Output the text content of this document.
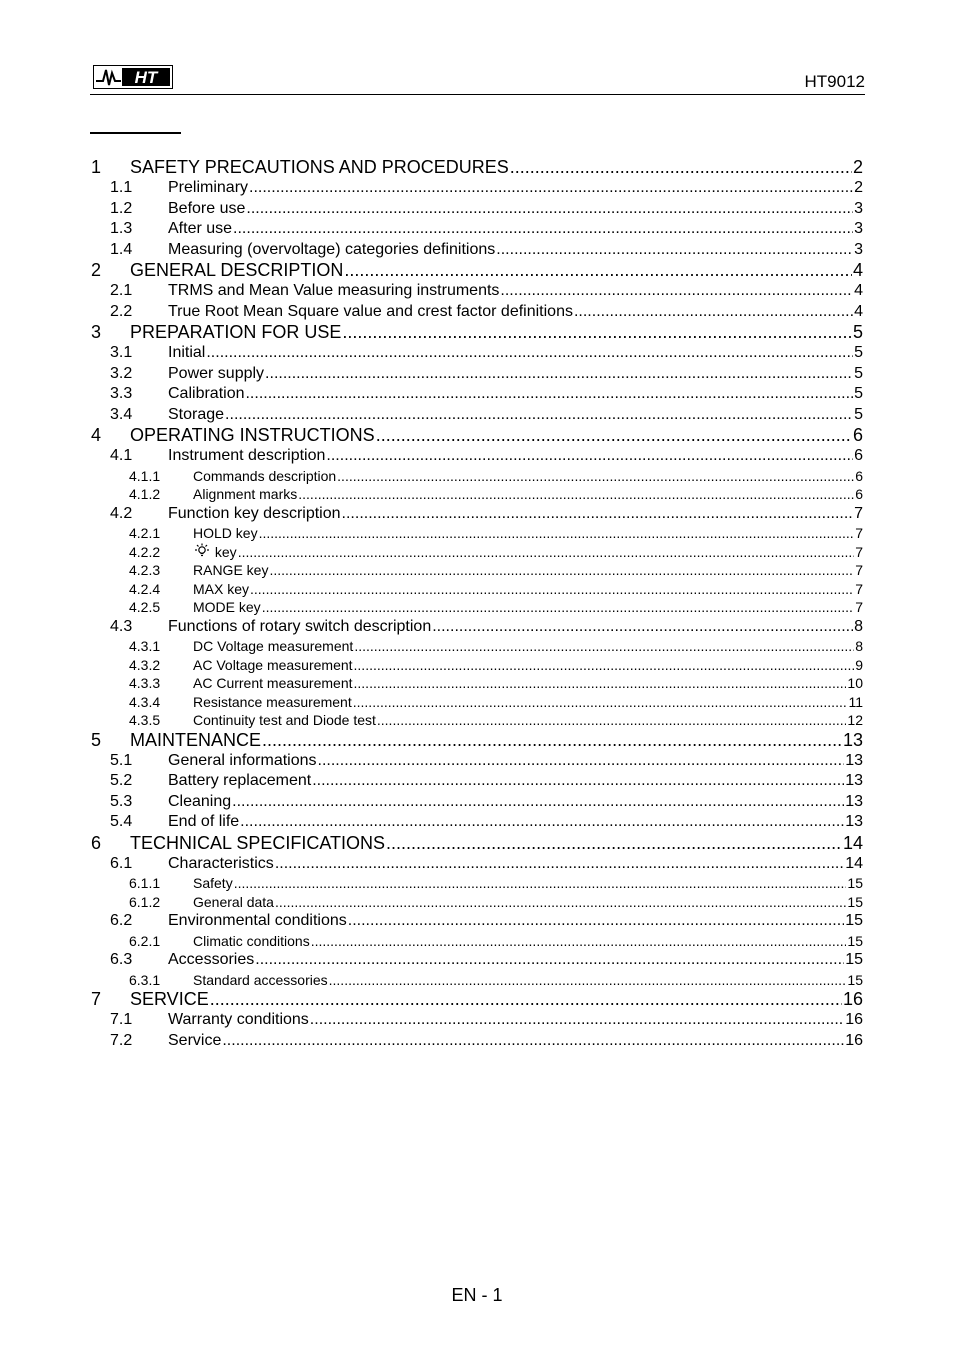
HT	HT9012
1	SAFETY PRECAUTIONS AND PROCEDURES .....	2
1.1	Preliminary .....	2
1.2	Before use .....	3
1.3	After use .....	3
1.4	Measuring (overvoltage) categories definitions .....	3
2	GENERAL DESCRIPTION .....	4
2.1	TRMS and Mean Value measuring instruments .....	4
2.2	True Root Mean Square value and crest factor definitions .....	4
3	PREPARATION FOR USE .....	5
3.1	Initial .....	5
3.2	Power supply .....	5
3.3	Calibration .....	5
3.4	Storage .....	5
4	OPERATING INSTRUCTIONS .....	6
4.1	Instrument description .....	6
4.1.1	Commands description .....	6
4.1.2	Alignment marks .....	6
4.2	Function key description .....	7
4.2.1	HOLD key .....	7
4.2.2	key .....	7
4.2.3	RANGE key .....	7
4.2.4	MAX key .....	7
4.2.5	MODE key .....	7
4.3	Functions of rotary switch description .....	8
4.3.1	DC Voltage measurement .....	8
4.3.2	AC Voltage measurement .....	9
4.3.3	AC Current measurement .....	10
4.3.4	Resistance measurement .....	11
4.3.5	Continuity test and Diode test .....	12
5	MAINTENANCE .....	13
5.1	General informations .....	13
5.2	Battery replacement .....	13
5.3	Cleaning .....	13
5.4	End of life .....	13
6	TECHNICAL SPECIFICATIONS .....	14
6.1	Characteristics .....	14
6.1.1	Safety .....	15
6.1.2	General data .....	15
6.2	Environmental conditions .....	15
6.2.1	Climatic conditions .....	15
6.3	Accessories .....	15
6.3.1	Standard accessories .....	15
7	SERVICE .....	16
7.1	Warranty conditions .....	16
7.2	Service .....	16
EN - 1
